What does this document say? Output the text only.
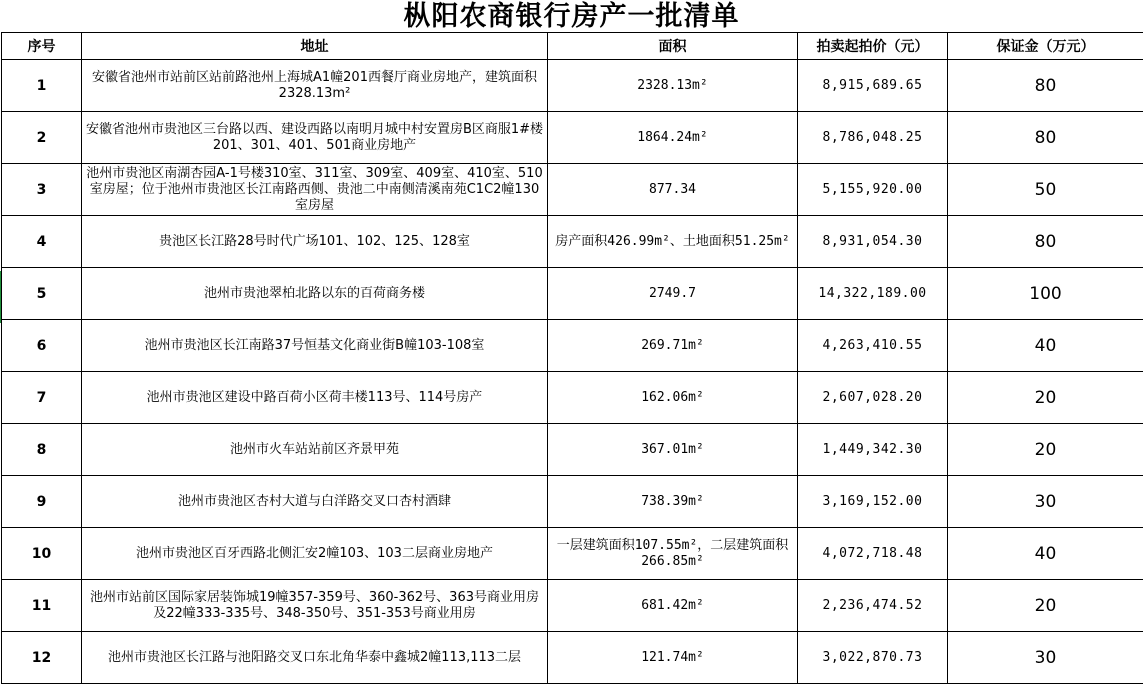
枞阳农商银行房产一批清单
序号	地址	面积	拍卖起拍价（元）	保证金（万元）
1	安徽省池州市站前区站前路池州上海城A1幢201西餐厅商业房地产，建筑面积2328.13m²	2328.13m²	8,915,689.65	80
2	安徽省池州市贵池区三台路以西、建设西路以南明月城中村安置房B区商服1#楼201、301、401、501商业房地产	1864.24m²	8,786,048.25	80
3	池州市贵池区南湖杏园A-1号楼310室、311室、309室、409室、410室、510室房屋；位于池州市贵池区长江南路西侧、贵池二中南侧清溪南苑C1C2幢130室房屋	877.34	5,155,920.00	50
4	贵池区长江路28号时代广场101、102、125、128室	房产面积426.99m²、土地面积51.25m²	8,931,054.30	80
5	池州市贵池翠柏北路以东的百荷商务楼	2749.7	14,322,189.00	100
6	池州市贵池区长江南路37号恒基文化商业街B幢103-108室	269.71m²	4,263,410.55	40
7	池州市贵池区建设中路百荷小区荷丰楼113号、114号房产	162.06m²	2,607,028.20	20
8	池州市火车站站前区齐景甲苑	367.01m²	1,449,342.30	20
9	池州市贵池区杏村大道与白洋路交叉口杏村酒肆	738.39m²	3,169,152.00	30
10	池州市贵池区百牙西路北侧汇安2幢103、103二层商业房地产	一层建筑面积107.55m²，二层建筑面积266.85m²	4,072,718.48	40
11	池州市站前区国际家居装饰城19幢357-359号、360-362号、363号商业用房及22幢333-335号、348-350号、351-353号商业用房	681.42m²	2,236,474.52	20
12	池州市贵池区长江路与池阳路交叉口东北角华泰中鑫城2幢113,113二层	121.74m²	3,022,870.73	30
